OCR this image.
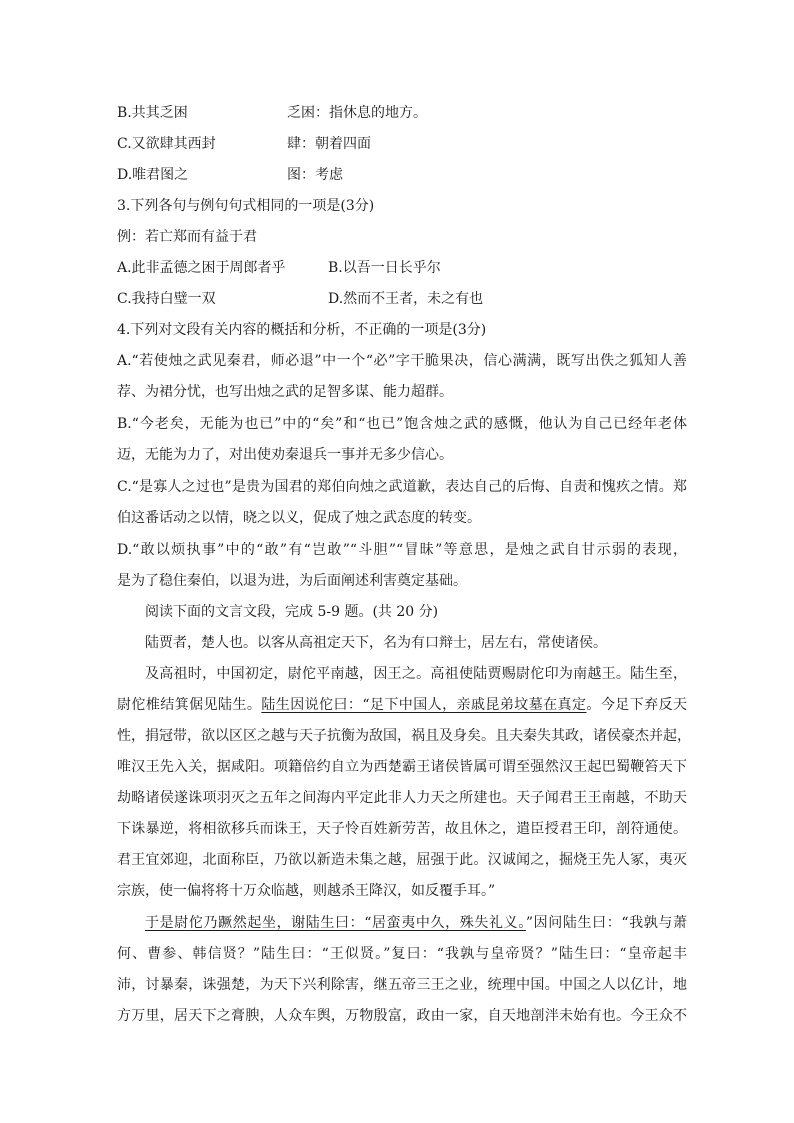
B.共其乏困	乏困：指休息的地方。
C.又欲肆其西封	肆：朝着四面
D.唯君图之	图：考虑
3.下列各句与例句句式相同的一项是(3分)
例：若亡郑而有益于君
A.此非孟德之困于周郎者乎	B.以吾一日长乎尔
C.我持白璧一双	D.然而不王者，未之有也
4.下列对文段有关内容的概括和分析，不正确的一项是(3分)
A.“若使烛之武见秦君，师必退”中一个“必”字干脆果决，信心满满，既写出佚之狐知人善
荐、为裙分忧，也写出烛之武的足智多谋、能力超群。
B.“今老矣，无能为也已”中的“矣”和“也已”饱含烛之武的感慨，他认为自己已经年老体
迈，无能为力了，对出使劝秦退兵一事并无多少信心。
C.“是寡人之过也”是贵为国君的郑伯向烛之武道歉，表达自己的后悔、自责和愧疚之情。郑
伯这番话动之以情，晓之以义，促成了烛之武态度的转变。
D.“敢以烦执事”中的“敢”有“岂敢”“斗胆”“冒昧”等意思，是烛之武自甘示弱的表现，
是为了稳住秦伯，以退为进，为后面阐述利害奠定基础。
阅读下面的文言文段，完成 5-9 题。(共 20 分)
陆贾者，楚人也。以客从高祖定天下，名为有口辩士，居左右，常使诸侯。
及高祖时，中国初定，尉佗平南越，因王之。高祖使陆贾赐尉佗印为南越王。陆生至，
尉佗椎结箕倨见陆生。陆生因说佗曰：“足下中国人，亲戚昆弟坟墓在真定。今足下弃反天
性，捐冠带，欲以区区之越与天子抗衡为敌国，祸且及身矣。且夫秦失其政，诸侯豪杰并起，
唯汉王先入关，据咸阳。项籍倍约自立为西楚霸王诸侯皆属可谓至强然汉王起巴蜀鞭笞天下
劫略诸侯遂诛项羽灭之五年之间海内平定此非人力天之所建也。天子闻君王王南越，不助天
下诛暴逆，将相欲移兵而诛王，天子怜百姓新劳苦，故且休之，遣臣授君王印，剖符通使。
君王宜郊迎，北面称臣，乃欲以新造未集之越，屈强于此。汉诚闻之，掘烧王先人冢，夷灭
宗族，使一偏将将十万众临越，则越杀王降汉，如反覆手耳。”
于是尉佗乃蹶然起坐，谢陆生曰：“居蛮夷中久，殊失礼义。”因问陆生曰：“我孰与萧
何、曹参、韩信贤？”陆生曰：“王似贤。”复曰：“我孰与皇帝贤？”陆生曰：“皇帝起丰
沛，讨暴秦，诛强楚，为天下兴利除害，继五帝三王之业，统理中国。中国之人以亿计，地
方万里，居天下之膏腴，人众车舆，万物殷富，政由一家，自天地剖泮未始有也。今王众不
